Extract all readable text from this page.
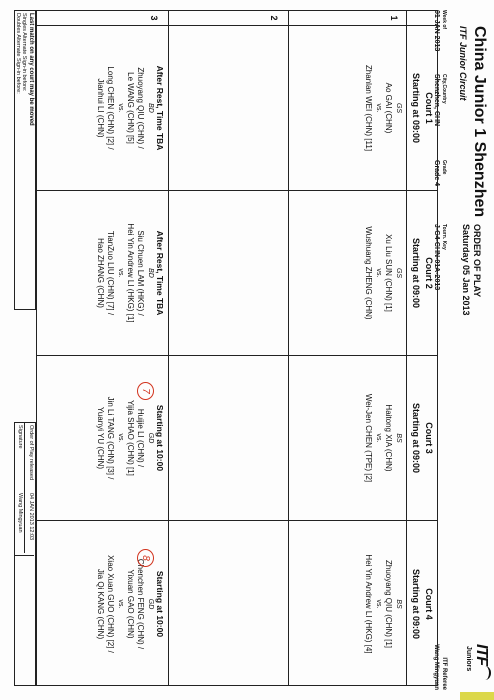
China Junior 1 Shenzhen
ITF Junior Circuit
Week of
01 JAN 2013
City,Country
Shenzhen, CHN
Grade
Grade 4
Tourn. Key
J-G4-CHN-01A-2013	ORDER OF PLAY
Saturday 05 Jan 2013
ITF
Juniors
ITF Referee
Wang Mingyuan
1
2
3
Court 1
Starting at 09:00
GS
Ao GAI (CHN)
vs.
Zhanlan WEI (CHN) [11]
After Rest, Time TBA
BD
Zhuoyang QIU (CHN) /
Le WANG (CHN) [5]
vs.
Long CHEN (CHN) [2] /
Jianhui LI (CHN)
Court 2
Starting at 09:00
GS
Xu Liu SUN (CHN) [1]
vs.
Wushuang ZHENG (CHN)
After Rest, Time TBA
BD
Siu Chuen LAM (HKG) /
Hei Yin Andrew LI (HKG) [1]
vs.
TianZuo LIU (CHN) [7] /
Hao ZHANG (CHN)
Court 3
Starting at 09:00
BS
Haitong XIA (CHN)
vs.
Wei-Jen CHEN (TPE) [2]
Starting at 10:00
GD
Huijie LI (CHN) /
Yijia SHAO (CHN) [1]
vs.
Jin Li TANG (CHN) [3] /
Yuanyi YU (CHN)
7
Court 4
Starting at 09:00
BS
Zhuoyang QIU (CHN) [1]
vs.
Hei Yin Andrew LI (HKG) [4]
Starting at 10:00
GD
Chenchen FENG (CHN) /
Yixuan GAO (CHN)
vs.
Xiao Xuan GUO (CHN) [2] /
Jia Qi KANG (CHN)
8
Last match on any court may be moved
Singles Alternate Sign-in before:
Doubles Alternate Sign-in before:
Order of Play released
04 JAN 2013 12:03
Signature
Wang Mingyuan
